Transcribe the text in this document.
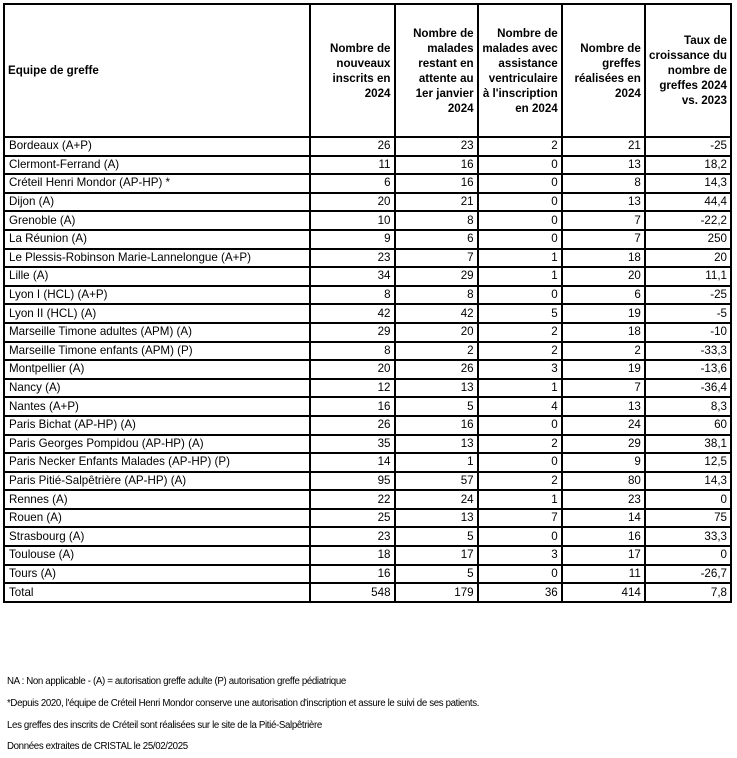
Equipe de greffe	Nombre de nouveaux inscrits en 2024	Nombre de malades restant en attente au 1er janvier 2024	Nombre de malades avec assistance ventriculaire à l'inscription en 2024	Nombre de greffes réalisées en 2024	Taux de croissance du nombre de greffes 2024 vs. 2023
Bordeaux (A+P)	26	23	2	21	-25
Clermont-Ferrand (A)	11	16	0	13	18,2
Créteil Henri Mondor (AP-HP) *	6	16	0	8	14,3
Dijon (A)	20	21	0	13	44,4
Grenoble (A)	10	8	0	7	-22,2
La Réunion (A)	9	6	0	7	250
Le Plessis-Robinson Marie-Lannelongue (A+P)	23	7	1	18	20
Lille (A)	34	29	1	20	11,1
Lyon I (HCL) (A+P)	8	8	0	6	-25
Lyon II (HCL) (A)	42	42	5	19	-5
Marseille Timone adultes (APM) (A)	29	20	2	18	-10
Marseille Timone enfants (APM) (P)	8	2	2	2	-33,3
Montpellier (A)	20	26	3	19	-13,6
Nancy (A)	12	13	1	7	-36,4
Nantes (A+P)	16	5	4	13	8,3
Paris Bichat (AP-HP) (A)	26	16	0	24	60
Paris Georges Pompidou (AP-HP) (A)	35	13	2	29	38,1
Paris Necker Enfants Malades (AP-HP) (P)	14	1	0	9	12,5
Paris Pitié-Salpêtrière (AP-HP) (A)	95	57	2	80	14,3
Rennes (A)	22	24	1	23	0
Rouen (A)	25	13	7	14	75
Strasbourg (A)	23	5	0	16	33,3
Toulouse (A)	18	17	3	17	0
Tours (A)	16	5	0	11	-26,7
Total	548	179	36	414	7,8
NA : Non applicable - (A) = autorisation greffe adulte (P) autorisation greffe pédiatrique
*Depuis 2020, l'équipe de Créteil Henri Mondor conserve une autorisation d'inscription et assure le suivi de ses patients.
Les greffes des inscrits de Créteil sont réalisées sur le site de la Pitié-Salpêtrière
Données extraites de CRISTAL le 25/02/2025
